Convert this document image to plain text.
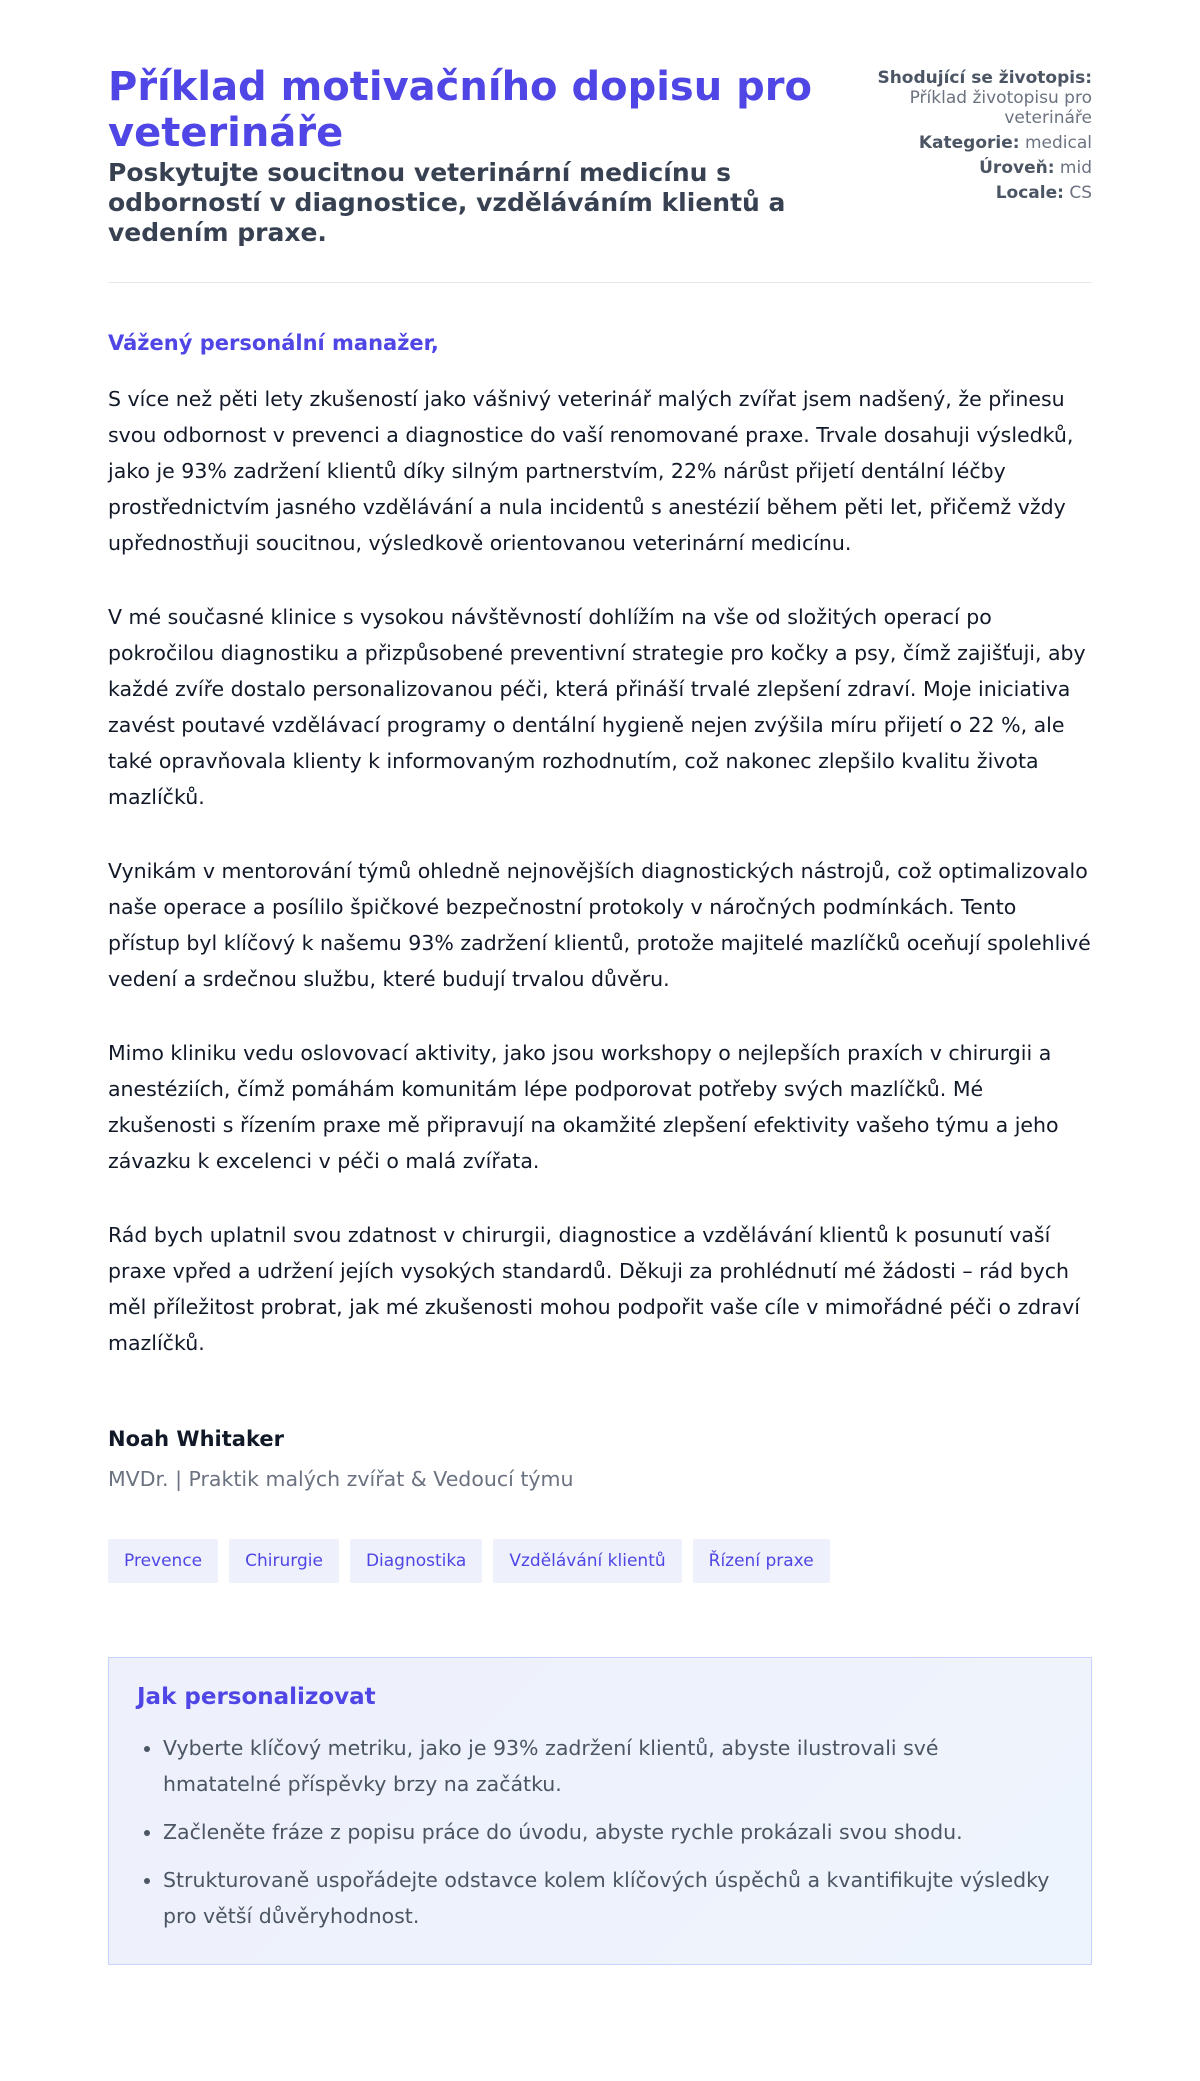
Příklad motivačního dopisu pro veterináře
Poskytujte soucitnou veterinární medicínu s odborností v diagnostice, vzděláváním klientů a vedením praxe.
Shodující se životopis:
Příklad životopisu pro veterináře
Kategorie: medical
Úroveň: mid
Locale: CS
Vážený personální manažer,

S více než pěti lety zkušeností jako vášnivý veterinář malých zvířat jsem nadšený, že přinesu svou odbornost v prevenci a diagnostice do vaší renomované praxe. Trvale dosahuji výsledků, jako je 93% zadržení klientů díky silným partnerstvím, 22% nárůst přijetí dentální léčby prostřednictvím jasného vzdělávání a nula incidentů s anestézií během pěti let, přičemž vždy upřednostňuji soucitnou, výsledkově orientovanou veterinární medicínu.

V mé současné klinice s vysokou návštěvností dohlížím na vše od složitých operací po pokročilou diagnostiku a přizpůsobené preventivní strategie pro kočky a psy, čímž zajišťuji, aby každé zvíře dostalo personalizovanou péči, která přináší trvalé zlepšení zdraví. Moje iniciativa zavést poutavé vzdělávací programy o dentální hygieně nejen zvýšila míru přijetí o 22 %, ale také opravňovala klienty k informovaným rozhodnutím, což nakonec zlepšilo kvalitu života mazlíčků.

Vynikám v mentorování týmů ohledně nejnovějších diagnostických nástrojů, což optimalizovalo naše operace a posílilo špičkové bezpečnostní protokoly v náročných podmínkách. Tento přístup byl klíčový k našemu 93% zadržení klientů, protože majitelé mazlíčků oceňují spolehlivé vedení a srdečnou službu, které budují trvalou důvěru.

Mimo kliniku vedu oslovovací aktivity, jako jsou workshopy o nejlepších praxích v chirurgii a anestéziích, čímž pomáhám komunitám lépe podporovat potřeby svých mazlíčků. Mé zkušenosti s řízením praxe mě připravují na okamžité zlepšení efektivity vašeho týmu a jeho závazku k excelenci v péči o malá zvířata.

Rád bych uplatnil svou zdatnost v chirurgii, diagnostice a vzdělávání klientů k posunutí vaší praxe vpřed a udržení jejích vysokých standardů. Děkuji za prohlédnutí mé žádosti – rád bych měl příležitost probrat, jak mé zkušenosti mohou podpořit vaše cíle v mimořádné péči o zdraví mazlíčků.

Noah Whitaker
MVDr. | Praktik malých zvířat & Vedoucí týmu
Prevence	Chirurgie	Diagnostika	Vzdělávání klientů	Řízení praxe
Jak personalizovat
• Vyberte klíčový metriku, jako je 93% zadržení klientů, abyste ilustrovali své hmatatelné příspěvky brzy na začátku.
• Začleněte fráze z popisu práce do úvodu, abyste rychle prokázali svou shodu.
• Strukturovaně uspořádejte odstavce kolem klíčových úspěchů a kvantifikujte výsledky pro větší důvěryhodnost.
